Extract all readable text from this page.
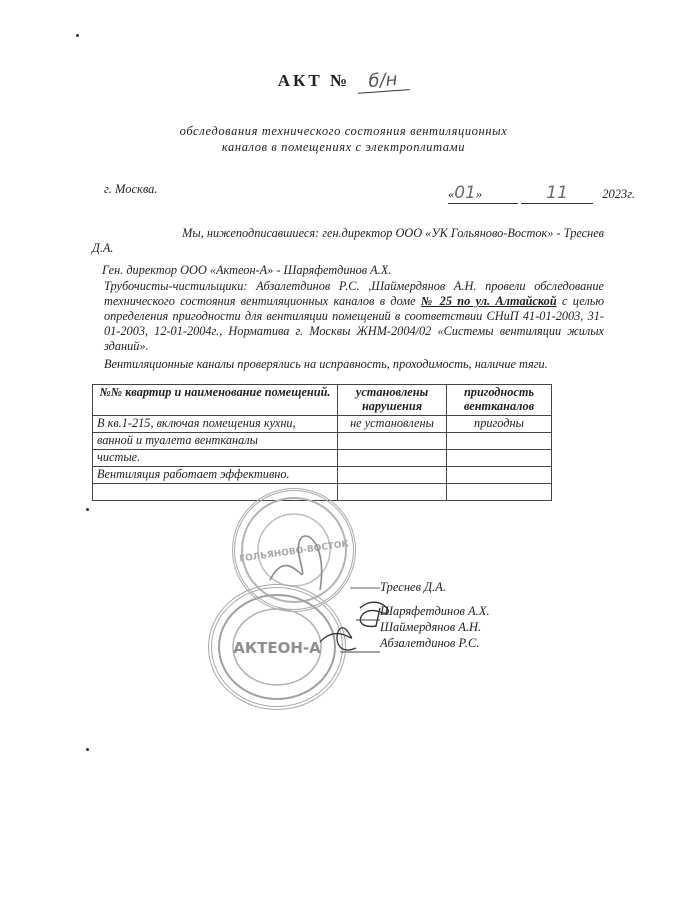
АКТ № б/н
обследования технического состояния вентиляционных
каналов в помещениях с электроплитами
г. Москва.	«01»	11	2023г.
Мы, нижеподписавшиеся: ген.директор ООО «УК Гольяново-Восток» - Треснев
Д.А.
Ген. директор ООО «Актеон-А» - Шаряфетдинов А.Х.
Трубочисты-чистильщики: Абзалетдинов Р.С. ,Шаймердянов А.Н. провели обследование технического состояния вентиляционных каналов в доме № 25 по ул. Алтайской с целью определения пригодности для вентиляции помещений в соответствии СНиП 41-01-2003, 31-01-2003, 12-01-2004г., Норматива г. Москвы ЖНМ-2004/02 «Системы вентиляции жилых зданий».
Вентиляционные каналы проверялись на исправность, проходимость, наличие тяги.
№№ квартир и наименование помещений.	установлены нарушения	пригодность вентканалов
В кв.1-215, включая помещения кухни,	не установлены	пригодны
ванной и туалета вентканалы		
чистые.		
Вентиляция работает эффективно.		

ГОЛЬЯНОВО-ВОСТОК
АКТЕОН-А
Треснев Д.А.
Шаряфетдинов А.Х.
Шаймердянов А.Н.
Абзалетдинов Р.С.
